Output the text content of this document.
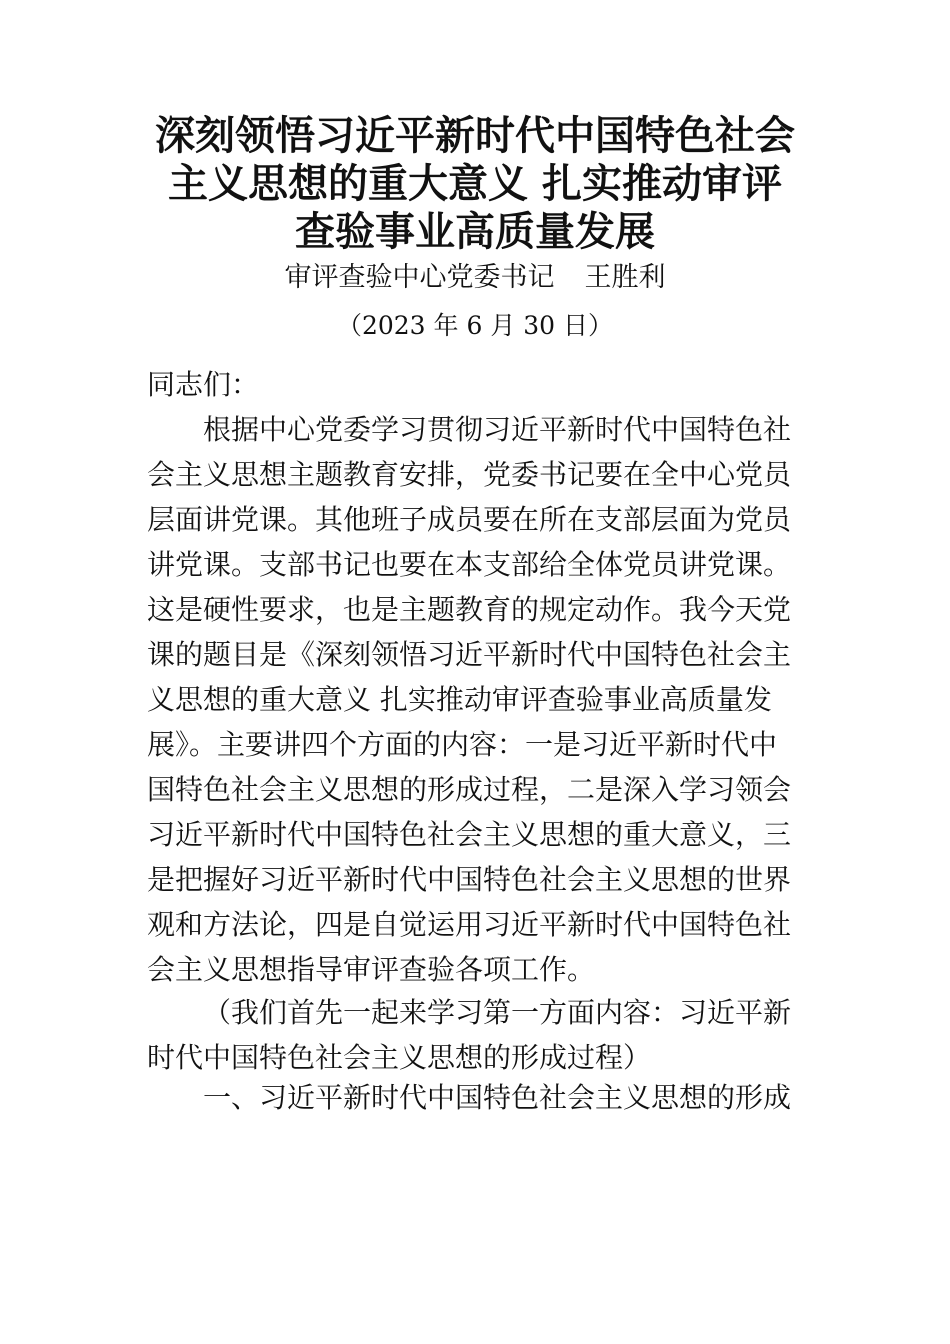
深刻领悟习近平新时代中国特色社会
主义思想的重大意义 扎实推动审评
查验事业高质量发展
审评查验中心党委书记 王胜利
（2023 年 6 月 30 日）
同志们：
根据中心党委学习贯彻习近平新时代中国特色社
会主义思想主题教育安排，党委书记要在全中心党员
层面讲党课。其他班子成员要在所在支部层面为党员
讲党课。支部书记也要在本支部给全体党员讲党课。
这是硬性要求，也是主题教育的规定动作。我今天党
课的题目是《深刻领悟习近平新时代中国特色社会主
义思想的重大意义 扎实推动审评查验事业高质量发
展》。主要讲四个方面的内容：一是习近平新时代中
国特色社会主义思想的形成过程，二是深入学习领会
习近平新时代中国特色社会主义思想的重大意义，三
是把握好习近平新时代中国特色社会主义思想的世界
观和方法论，四是自觉运用习近平新时代中国特色社
会主义思想指导审评查验各项工作。
（我们首先一起来学习第一方面内容：习近平新
时代中国特色社会主义思想的形成过程）
一、习近平新时代中国特色社会主义思想的形成
